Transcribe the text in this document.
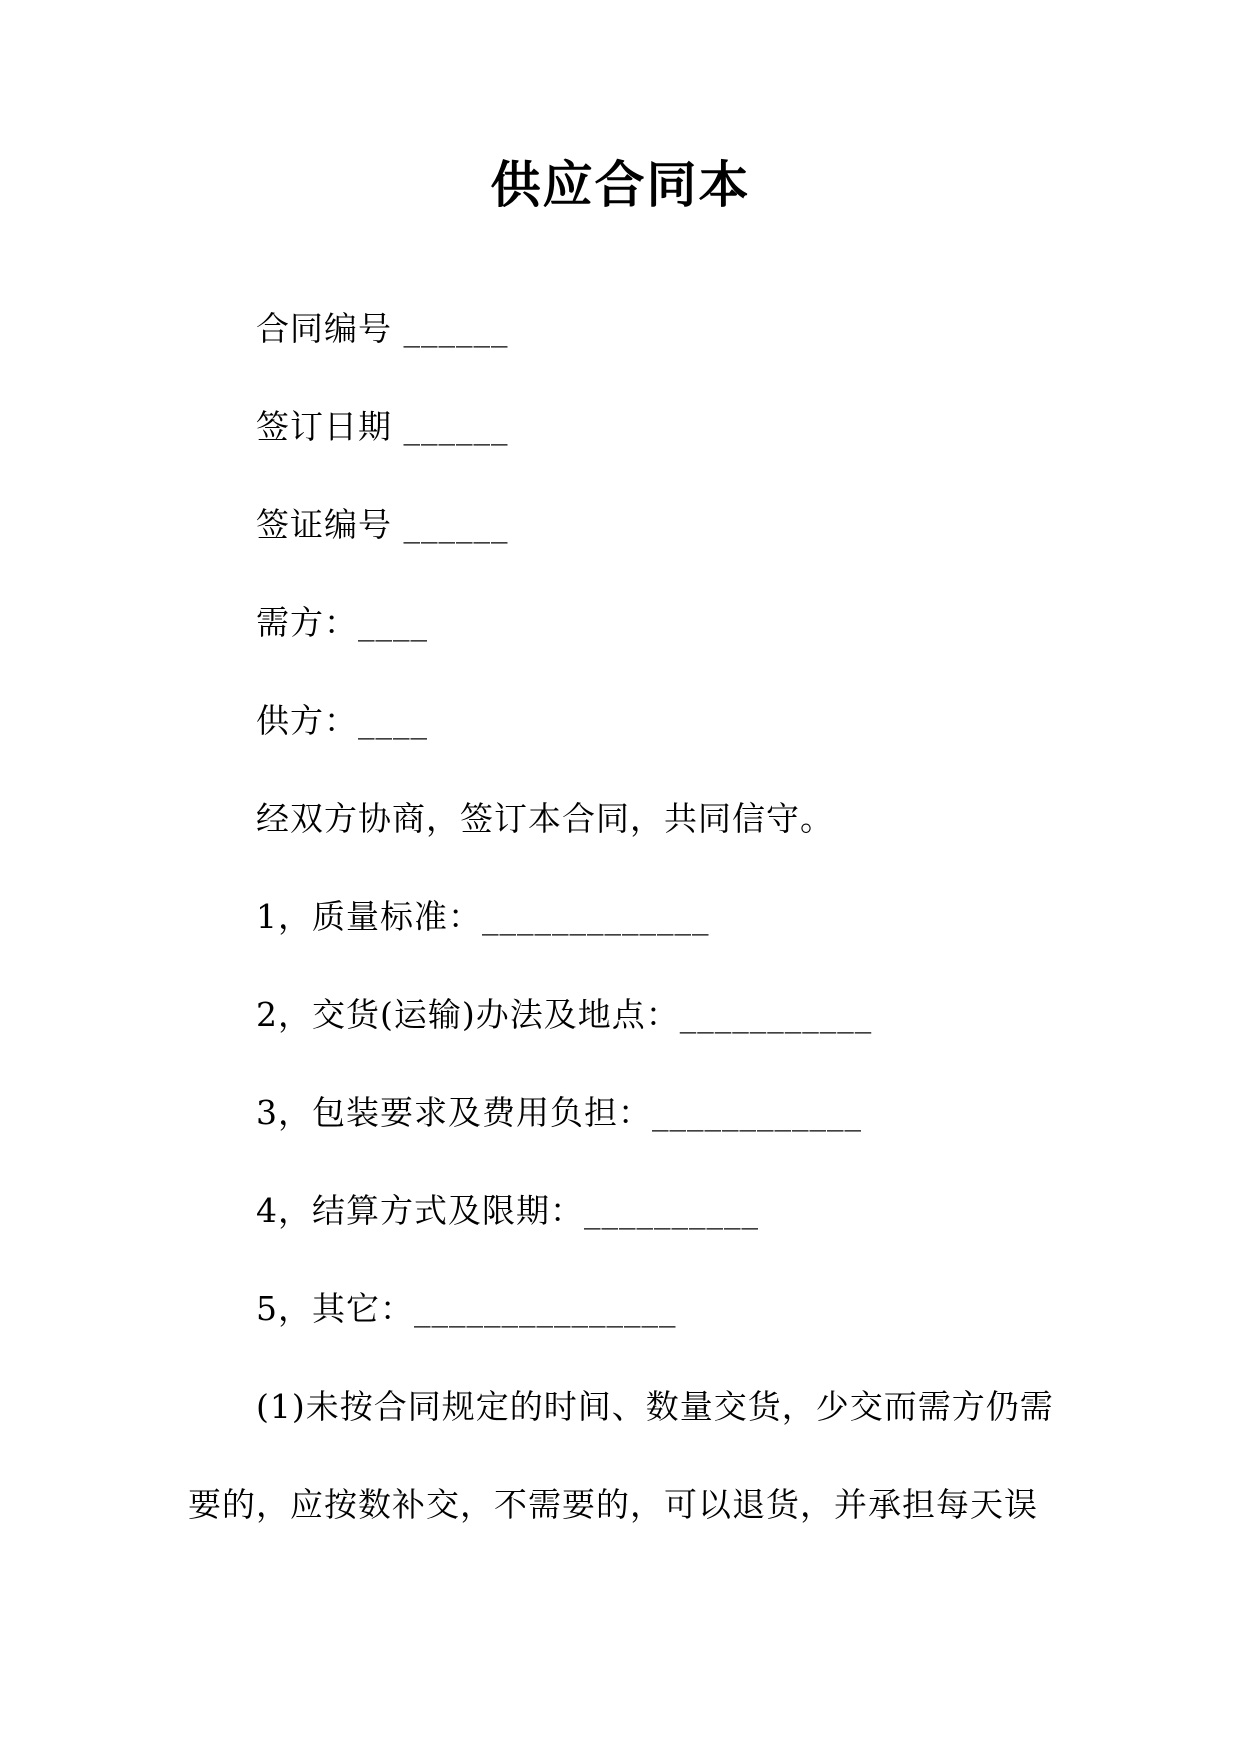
供应合同本
合同编号 ______
签订日期 ______
签证编号 ______
需方：____
供方：____
经双方协商，签订本合同，共同信守。
1，质量标准：_____________
2，交货(运输)办法及地点：___________
3，包装要求及费用负担：____________
4，结算方式及限期：__________
5，其它：_______________
(1)未按合同规定的时间、数量交货，少交而需方仍需
要的，应按数补交，不需要的，可以退货，并承担每天误
